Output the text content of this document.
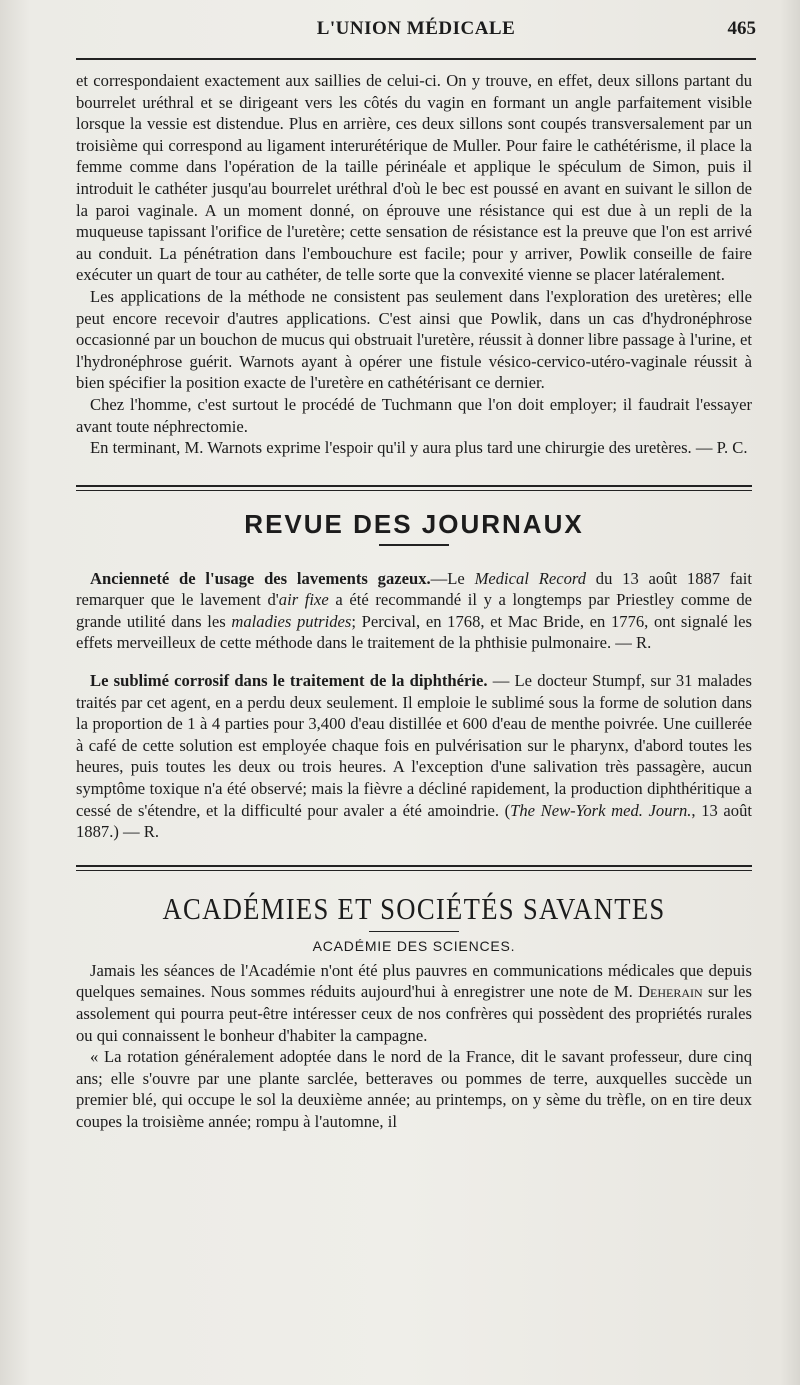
L'UNION MÉDICALE	465

et correspondaient exactement aux saillies de celui-ci. On y trouve, en effet, deux sillons partant du bourrelet uréthral et se dirigeant vers les côtés du vagin en formant un angle parfaitement visible lorsque la vessie est distendue. Plus en arrière, ces deux sillons sont coupés transversalement par un troisième qui correspond au ligament interurétérique de Muller. Pour faire le cathétérisme, il place la femme comme dans l'opération de la taille périnéale et applique le spéculum de Simon, puis il introduit le cathéter jusqu'au bourrelet uréthral d'où le bec est poussé en avant en suivant le sillon de la paroi vaginale. A un moment donné, on éprouve une résistance qui est due à un repli de la muqueuse tapissant l'orifice de l'uretère; cette sensation de résistance est la preuve que l'on est arrivé au conduit. La pénétration dans l'embouchure est facile; pour y arriver, Powlik conseille de faire exécuter un quart de tour au cathéter, de telle sorte que la convexité vienne se placer latéralement.

Les applications de la méthode ne consistent pas seulement dans l'exploration des uretères; elle peut encore recevoir d'autres applications. C'est ainsi que Powlik, dans un cas d'hydronéphrose occasionné par un bouchon de mucus qui obstruait l'uretère, réussit à donner libre passage à l'urine, et l'hydronéphrose guérit. Warnots ayant à opérer une fistule vésico-cervico-utéro-vaginale réussit à bien spécifier la position exacte de l'uretère en cathétérisant ce dernier.

Chez l'homme, c'est surtout le procédé de Tuchmann que l'on doit employer; il faudrait l'essayer avant toute néphrectomie.

En terminant, M. Warnots exprime l'espoir qu'il y aura plus tard une chirurgie des uretères. — P. C.

REVUE DES JOURNAUX

Ancienneté de l'usage des lavements gazeux.—Le Medical Record du 13 août 1887 fait remarquer que le lavement d'air fixe a été recommandé il y a longtemps par Priestley comme de grande utilité dans les maladies putrides; Percival, en 1768, et Mac Bride, en 1776, ont signalé les effets merveilleux de cette méthode dans le traitement de la phthisie pulmonaire. — R.

Le sublimé corrosif dans le traitement de la diphthérie. — Le docteur Stumpf, sur 31 malades traités par cet agent, en a perdu deux seulement. Il emploie le sublimé sous la forme de solution dans la proportion de 1 à 4 parties pour 3,400 d'eau distillée et 600 d'eau de menthe poivrée. Une cuillerée à café de cette solution est employée chaque fois en pulvérisation sur le pharynx, d'abord toutes les heures, puis toutes les deux ou trois heures. A l'exception d'une salivation très passagère, aucun symptôme toxique n'a été observé; mais la fièvre a décliné rapidement, la production diphthéritique a cessé de s'étendre, et la difficulté pour avaler a été amoindrie. (The New-York med. Journ., 13 août 1887.) — R.

ACADÉMIES ET SOCIÉTÉS SAVANTES
ACADÉMIE DES SCIENCES.

Jamais les séances de l'Académie n'ont été plus pauvres en communications médicales que depuis quelques semaines. Nous sommes réduits aujourd'hui à enregistrer une note de M. Deherain sur les assolement qui pourra peut-être intéresser ceux de nos confrères qui possèdent des propriétés rurales ou qui connaissent le bonheur d'habiter la campagne.

« La rotation généralement adoptée dans le nord de la France, dit le savant professeur, dure cinq ans; elle s'ouvre par une plante sarclée, betteraves ou pommes de terre, auxquelles succède un premier blé, qui occupe le sol la deuxième année; au printemps, on y sème du trèfle, on en tire deux coupes la troisième année; rompu à l'automne, il
